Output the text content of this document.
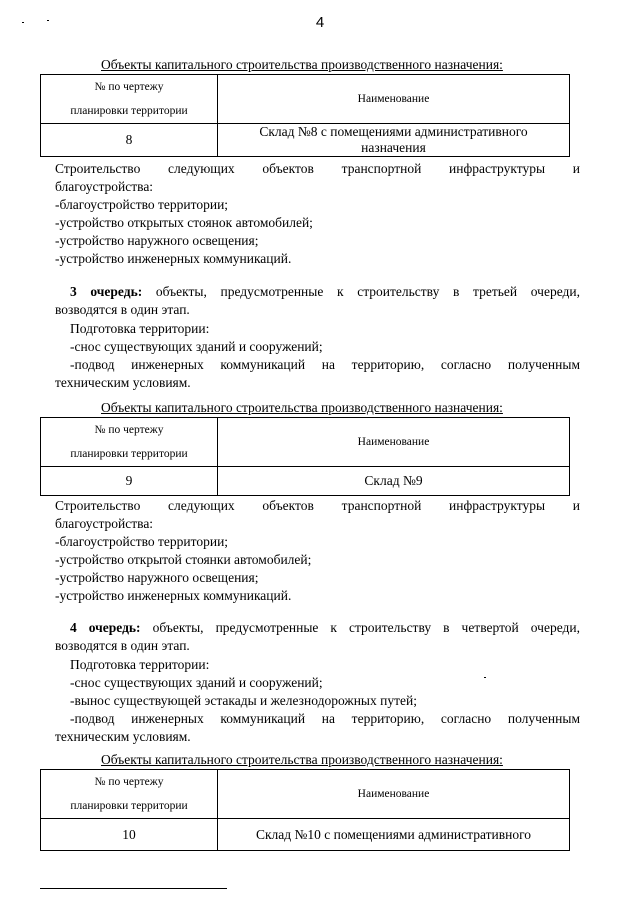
4
Объекты капитального строительства производственного назначения:
№ по чертежу
планировки территории	Наименование
8	Склад №8 с помещениями административного
назначения
Строительство следующих объектов транспортной инфраструктуры и
благоустройства:
-благоустройство территории;
-устройство открытых стоянок автомобилей;
-устройство наружного освещения;
-устройство инженерных коммуникаций.
3 очередь: объекты, предусмотренные к строительству в третьей очереди,
возводятся в один этап.
Подготовка территории:
-снос существующих зданий и сооружений;
-подвод инженерных коммуникаций на территорию, согласно полученным
техническим условиям.
Объекты капитального строительства производственного назначения:
№ по чертежу
планировки территории	Наименование
9	Склад №9
Строительство следующих объектов транспортной инфраструктуры и
благоустройства:
-благоустройство территории;
-устройство открытой стоянки автомобилей;
-устройство наружного освещения;
-устройство инженерных коммуникаций.
4 очередь: объекты, предусмотренные к строительству в четвертой очереди,
возводятся в один этап.
Подготовка территории:
-снос существующих зданий и сооружений;
-вынос существующей эстакады и железнодорожных путей;
-подвод инженерных коммуникаций на территорию, согласно полученным
техническим условиям.
Объекты капитального строительства производственного назначения:
№ по чертежу
планировки территории	Наименование
10	Склад №10 с помещениями административного
